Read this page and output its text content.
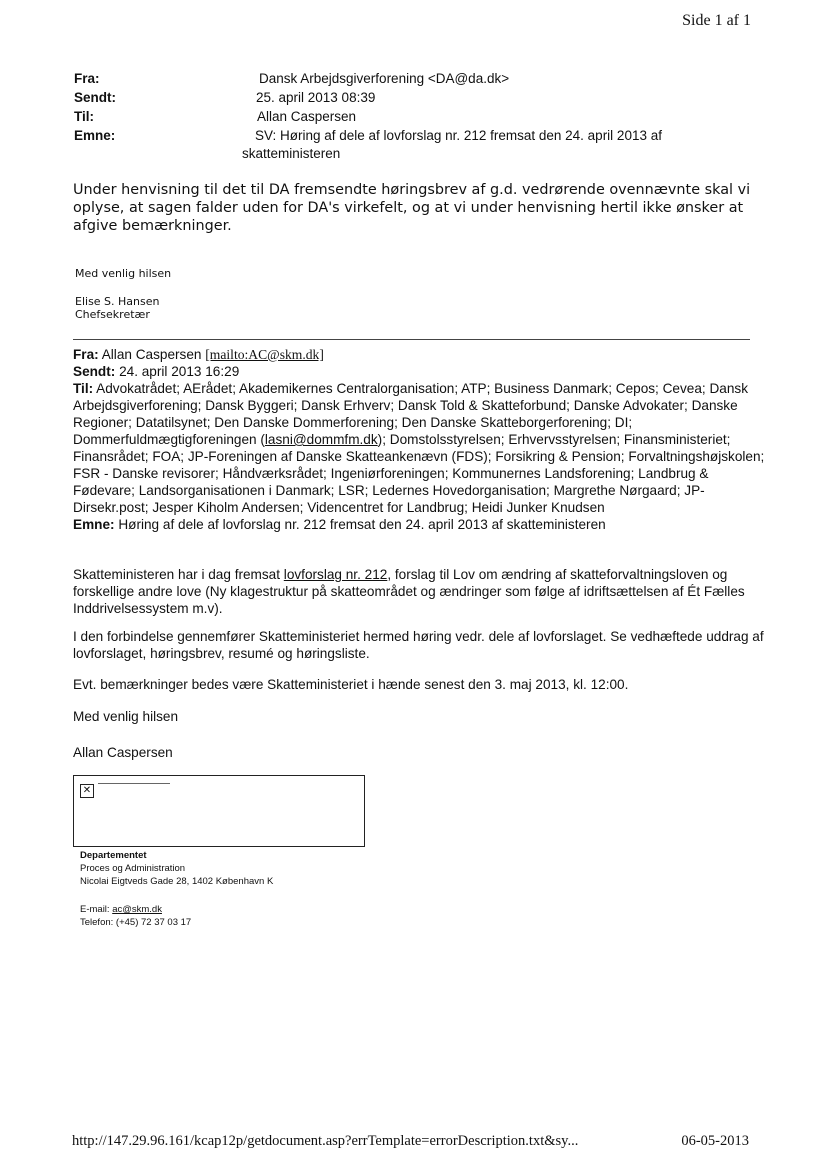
Side 1 af 1
Fra:	Dansk Arbejdsgiverforening <DA@da.dk>
Sendt:	25. april 2013 08:39
Til:	Allan Caspersen
Emne:	SV: Høring af dele af lovforslag nr. 212 fremsat den 24. april 2013 af
skatteministeren
Under henvisning til det til DA fremsendte høringsbrev af g.d. vedrørende ovennævnte skal vi oplyse, at sagen falder uden for DA's virkefelt, og at vi under henvisning hertil ikke ønsker at afgive bemærkninger.
Med venlig hilsen
Elise S. Hansen
Chefsekretær
Fra: Allan Caspersen [mailto:AC@skm.dk]
Sendt: 24. april 2013 16:29
Til: Advokatrådet; AErådet; Akademikernes Centralorganisation; ATP; Business Danmark; Cepos; Cevea; Dansk Arbejdsgiverforening; Dansk Byggeri; Dansk Erhverv; Dansk Told & Skatteforbund; Danske Advokater; Danske Regioner; Datatilsynet; Den Danske Dommerforening; Den Danske Skatteborgerforening; DI; Dommerfuldmægtigforeningen (lasni@dommfm.dk); Domstolsstyrelsen; Erhvervsstyrelsen; Finansministeriet; Finansrådet; FOA; JP-Foreningen af Danske Skatteankenævn (FDS); Forsikring & Pension; Forvaltningshøjskolen; FSR - Danske revisorer; Håndværksrådet; Ingeniørforeningen; Kommunernes Landsforening; Landbrug & Fødevare; Landsorganisationen i Danmark; LSR; Ledernes Hovedorganisation; Margrethe Nørgaard; JP-Dirsekr.post; Jesper Kiholm Andersen; Videncentret for Landbrug; Heidi Junker Knudsen
Emne: Høring af dele af lovforslag nr. 212 fremsat den 24. april 2013 af skatteministeren
Skatteministeren har i dag fremsat lovforslag nr. 212, forslag til Lov om ændring af skatteforvaltningsloven og forskellige andre love (Ny klagestruktur på skatteområdet og ændringer som følge af idriftsættelsen af Ét Fælles Inddrivelsessystem m.v).
I den forbindelse gennemfører Skatteministeriet hermed høring vedr. dele af lovforslaget. Se vedhæftede uddrag af lovforslaget, høringsbrev, resumé og høringsliste.
Evt. bemærkninger bedes være Skatteministeriet i hænde senest den 3. maj 2013, kl. 12:00.
Med venlig hilsen
Allan Caspersen
✕
Departementet
Proces og Administration
Nicolai Eigtveds Gade 28, 1402 København K
E-mail: ac@skm.dk
Telefon: (+45) 72 37 03 17
http://147.29.96.161/kcap12p/getdocument.asp?errTemplate=errorDescription.txt&sy...	06-05-2013
